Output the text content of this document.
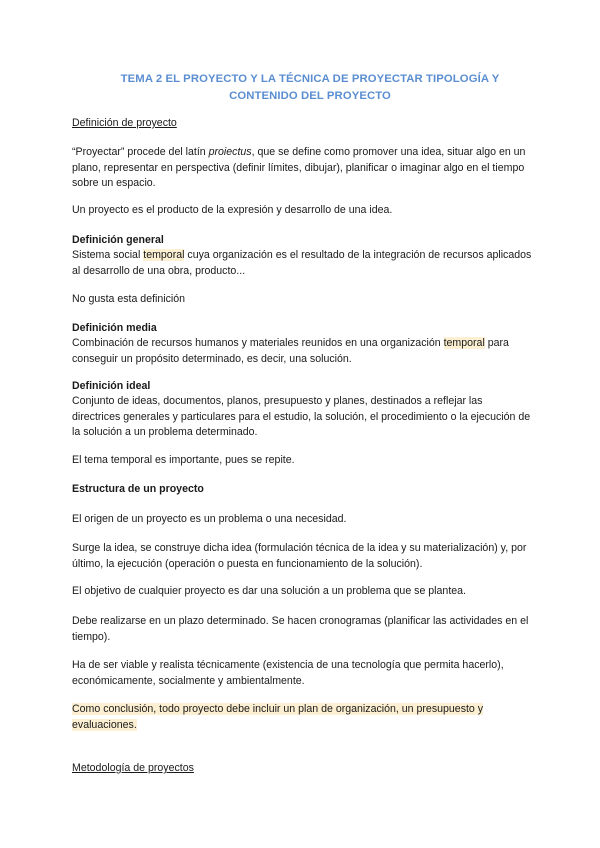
TEMA 2 EL PROYECTO Y LA TÉCNICA DE PROYECTAR TIPOLOGÍA Y
CONTENIDO DEL PROYECTO
Definición de proyecto
“Proyectar” procede del latín proiectus, que se define como promover una idea, situar algo en un plano, representar en perspectiva (definir límites, dibujar), planificar o imaginar algo en el tiempo sobre un espacio.
Un proyecto es el producto de la expresión y desarrollo de una idea.
Definición general
Sistema social temporal cuya organización es el resultado de la integración de recursos aplicados al desarrollo de una obra, producto...
No gusta esta definición
Definición media
Combinación de recursos humanos y materiales reunidos en una organización temporal para conseguir un propósito determinado, es decir, una solución.
Definición ideal
Conjunto de ideas, documentos, planos, presupuesto y planes, destinados a reflejar las directrices generales y particulares para el estudio, la solución, el procedimiento o la ejecución de la solución a un problema determinado.
El tema temporal es importante, pues se repite.
Estructura de un proyecto
El origen de un proyecto es un problema o una necesidad.
Surge la idea, se construye dicha idea (formulación técnica de la idea y su materialización) y, por último, la ejecución (operación o puesta en funcionamiento de la solución).
El objetivo de cualquier proyecto es dar una solución a un problema que se plantea.
Debe realizarse en un plazo determinado. Se hacen cronogramas (planificar las actividades en el tiempo).
Ha de ser viable y realista técnicamente (existencia de una tecnología que permita hacerlo), económicamente, socialmente y ambientalmente.
Como conclusión, todo proyecto debe incluir un plan de organización, un presupuesto y evaluaciones.
Metodología de proyectos
